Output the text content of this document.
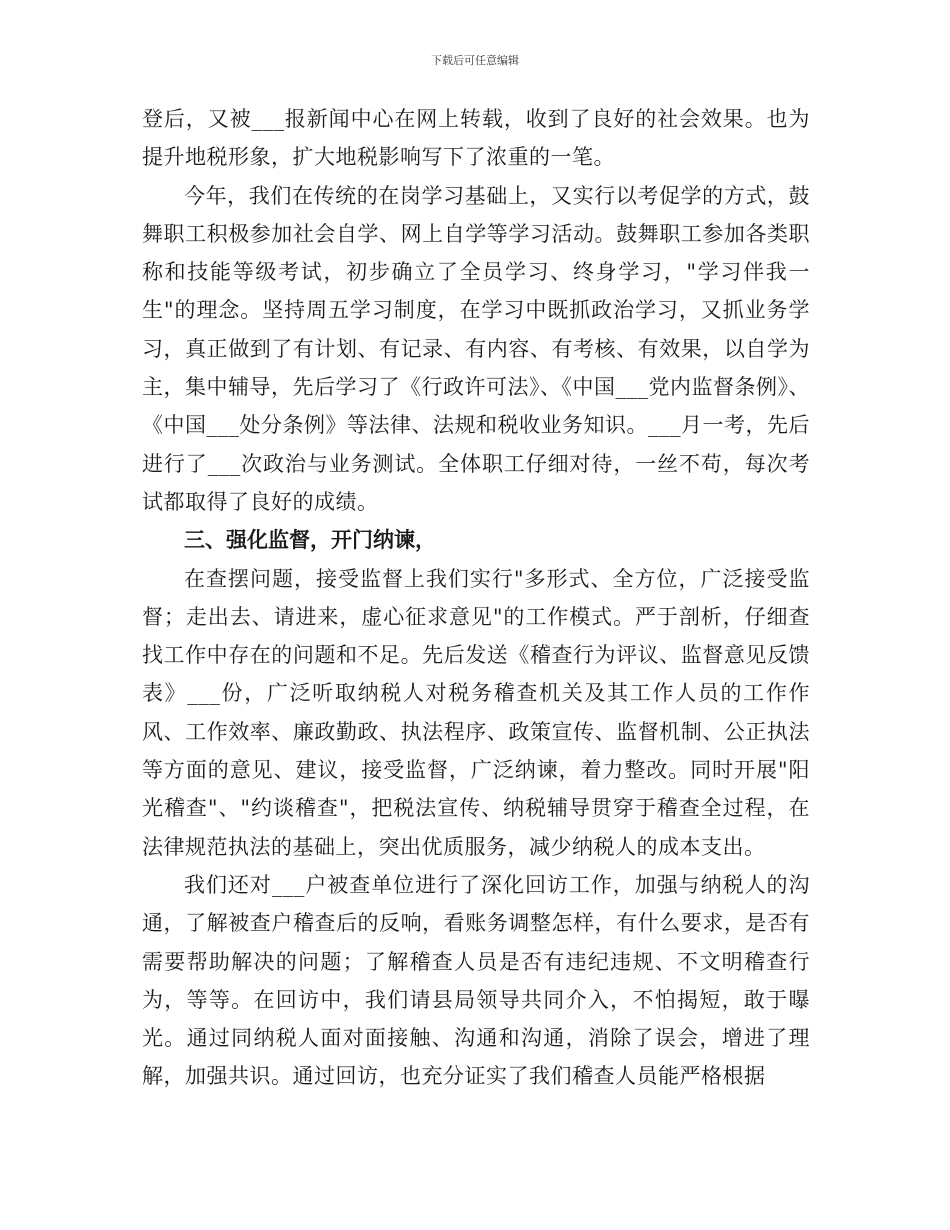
下载后可任意编辑

登后，又被___报新闻中心在网上转载，收到了良好的社会效果。也为提升地税形象，扩大地税影响写下了浓重的一笔。

今年，我们在传统的在岗学习基础上，又实行以考促学的方式，鼓舞职工积极参加社会自学、网上自学等学习活动。鼓舞职工参加各类职称和技能等级考试，初步确立了全员学习、终身学习，"学习伴我一生"的理念。坚持周五学习制度，在学习中既抓政治学习，又抓业务学习，真正做到了有计划、有记录、有内容、有考核、有效果，以自学为主，集中辅导，先后学习了《行政许可法》、《中国___党内监督条例》、《中国___处分条例》等法律、法规和税收业务知识。___月一考，先后进行了___次政治与业务测试。全体职工仔细对待，一丝不苟，每次考试都取得了良好的成绩。

三、强化监督，开门纳谏，

在查摆问题，接受监督上我们实行"多形式、全方位，广泛接受监督；走出去、请进来，虚心征求意见"的工作模式。严于剖析，仔细查找工作中存在的问题和不足。先后发送《稽查行为评议、监督意见反馈表》___份，广泛听取纳税人对税务稽查机关及其工作人员的工作作风、工作效率、廉政勤政、执法程序、政策宣传、监督机制、公正执法等方面的意见、建议，接受监督，广泛纳谏，着力整改。同时开展"阳光稽查"、"约谈稽查"，把税法宣传、纳税辅导贯穿于稽查全过程，在法律规范执法的基础上，突出优质服务，减少纳税人的成本支出。

我们还对___户被查单位进行了深化回访工作，加强与纳税人的沟通，了解被查户稽查后的反响，看账务调整怎样，有什么要求，是否有需要帮助解决的问题；了解稽查人员是否有违纪违规、不文明稽查行为，等等。在回访中，我们请县局领导共同介入，不怕揭短，敢于曝光。通过同纳税人面对面接触、沟通和沟通，消除了误会，增进了理解，加强共识。通过回访，也充分证实了我们稽查人员能严格根据
